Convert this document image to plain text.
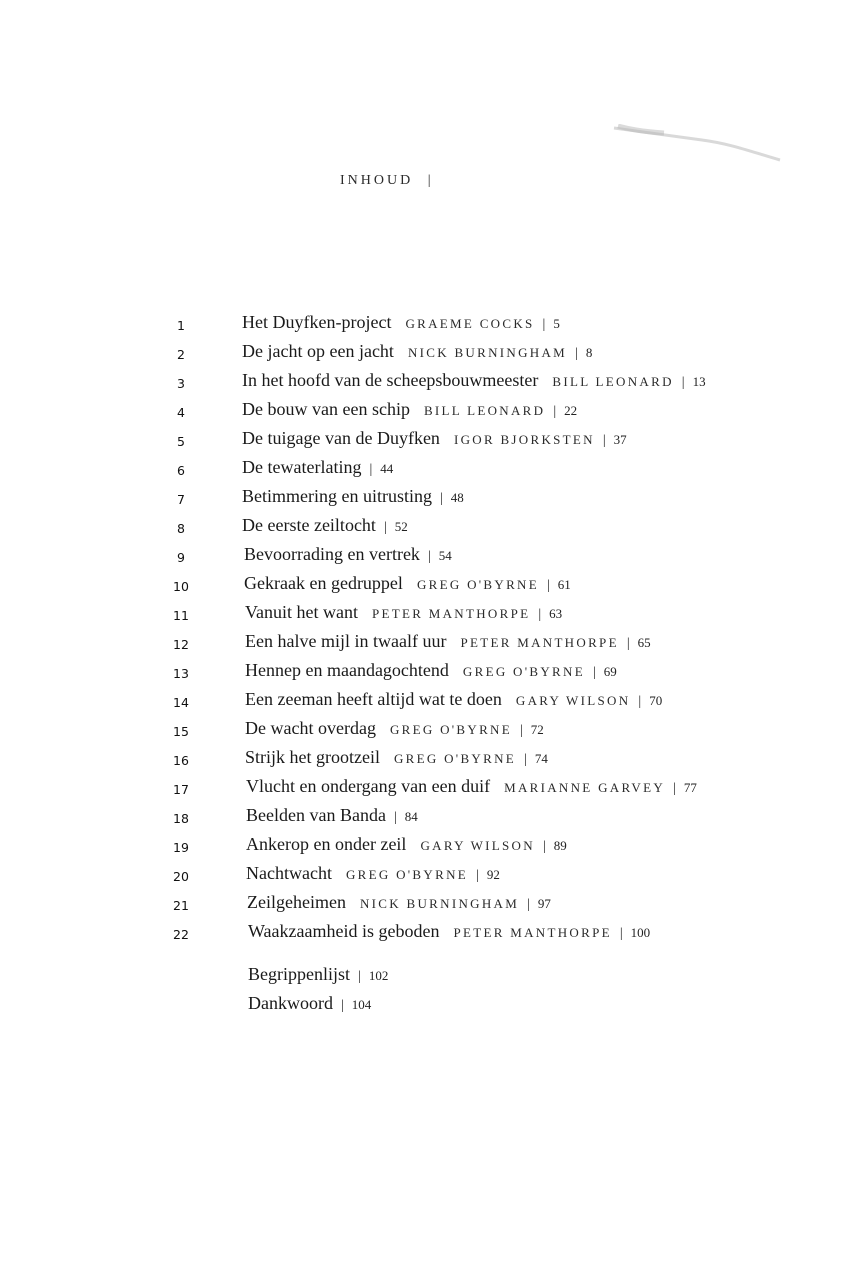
INHOUD |
1	Het Duyfken-project GRAEME COCKS | 5
2	De jacht op een jacht NICK BURNINGHAM | 8
3	In het hoofd van de scheepsbouwmeester BILL LEONARD | 13
4	De bouw van een schip BILL LEONARD | 22
5	De tuigage van de Duyfken IGOR BJORKSTEN | 37
6	De tewaterlating | 44
7	Betimmering en uitrusting | 48
8	De eerste zeiltocht | 52
9	Bevoorrading en vertrek | 54
10	Gekraak en gedruppel GREG O'BYRNE | 61
11	Vanuit het want PETER MANTHORPE | 63
12	Een halve mijl in twaalf uur PETER MANTHORPE | 65
13	Hennep en maandagochtend GREG O'BYRNE | 69
14	Een zeeman heeft altijd wat te doen GARY WILSON | 70
15	De wacht overdag GREG O'BYRNE | 72
16	Strijk het grootzeil GREG O'BYRNE | 74
17	Vlucht en ondergang van een duif MARIANNE GARVEY | 77
18	Beelden van Banda | 84
19	Ankerop en onder zeil GARY WILSON | 89
20	Nachtwacht GREG O'BYRNE | 92
21	Zeilgeheimen NICK BURNINGHAM | 97
22	Waakzaamheid is geboden PETER MANTHORPE | 100
Begrippenlijst | 102
Dankwoord | 104
